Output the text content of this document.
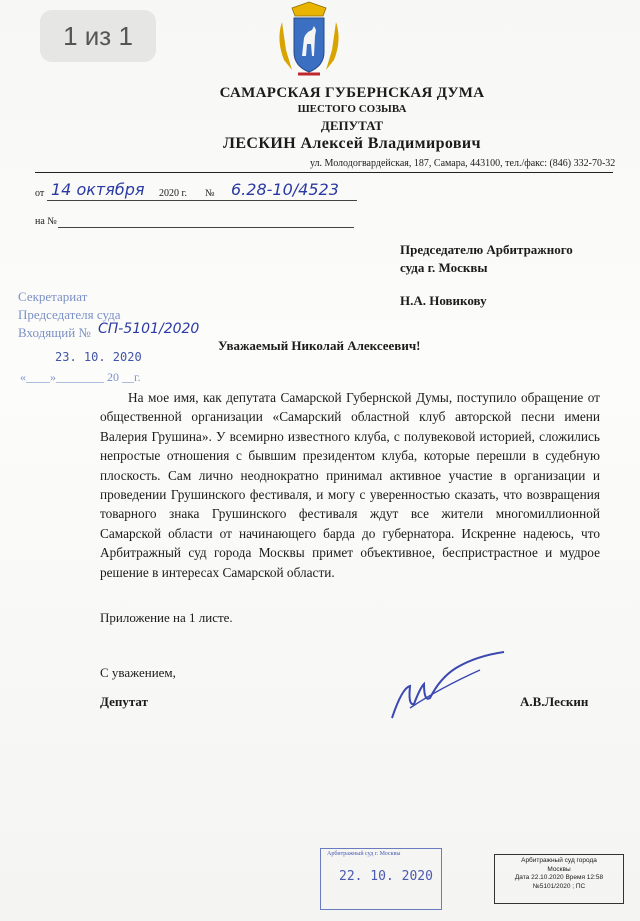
1 из 1
САМАРСКАЯ ГУБЕРНСКАЯ ДУМА
ШЕСТОГО СОЗЫВА
ДЕПУТАТ
ЛЕСКИН Алексей Владимирович
ул. Молодогвардейская, 187, Самара, 443100, тел./факс: (846) 332-70-32
от 14 октября 2020 г. № 6.28-10/4523
на №
Председателю Арбитражного
суда г. Москвы
Н.А. Новикову
Секретариат
Председателя суда
Входящий № СП-5101/2020
23. 10. 2020
«____»________ 20 __г.
Уважаемый Николай Алексеевич!
На мое имя, как депутата Самарской Губернской Думы, поступило обращение от общественной организации «Самарский областной клуб авторской песни имени Валерия Грушина». У всемирно известного клуба, с полувековой историей, сложились непростые отношения с бывшим президентом клуба, которые перешли в судебную плоскость. Сам лично неоднократно принимал активное участие в организации и проведении Грушинского фестиваля, и могу с уверенностью сказать, что возвращения товарного знака Грушинского фестиваля ждут все жители многомиллионной Самарской области от начинающего барда до губернатора. Искренне надеюсь, что Арбитражный суд города Москвы примет объективное, беспристрастное и мудрое решение в интересах Самарской области.
Приложение на 1 листе.
С уважением,
Депутат	А.В.Лескин
Арбитражный суд г. Москвы
22. 10. 2020
Арбитражный суд города
Москвы
Дата 22.10.2020 Время 12:58
№5101/2020 ; ПС
